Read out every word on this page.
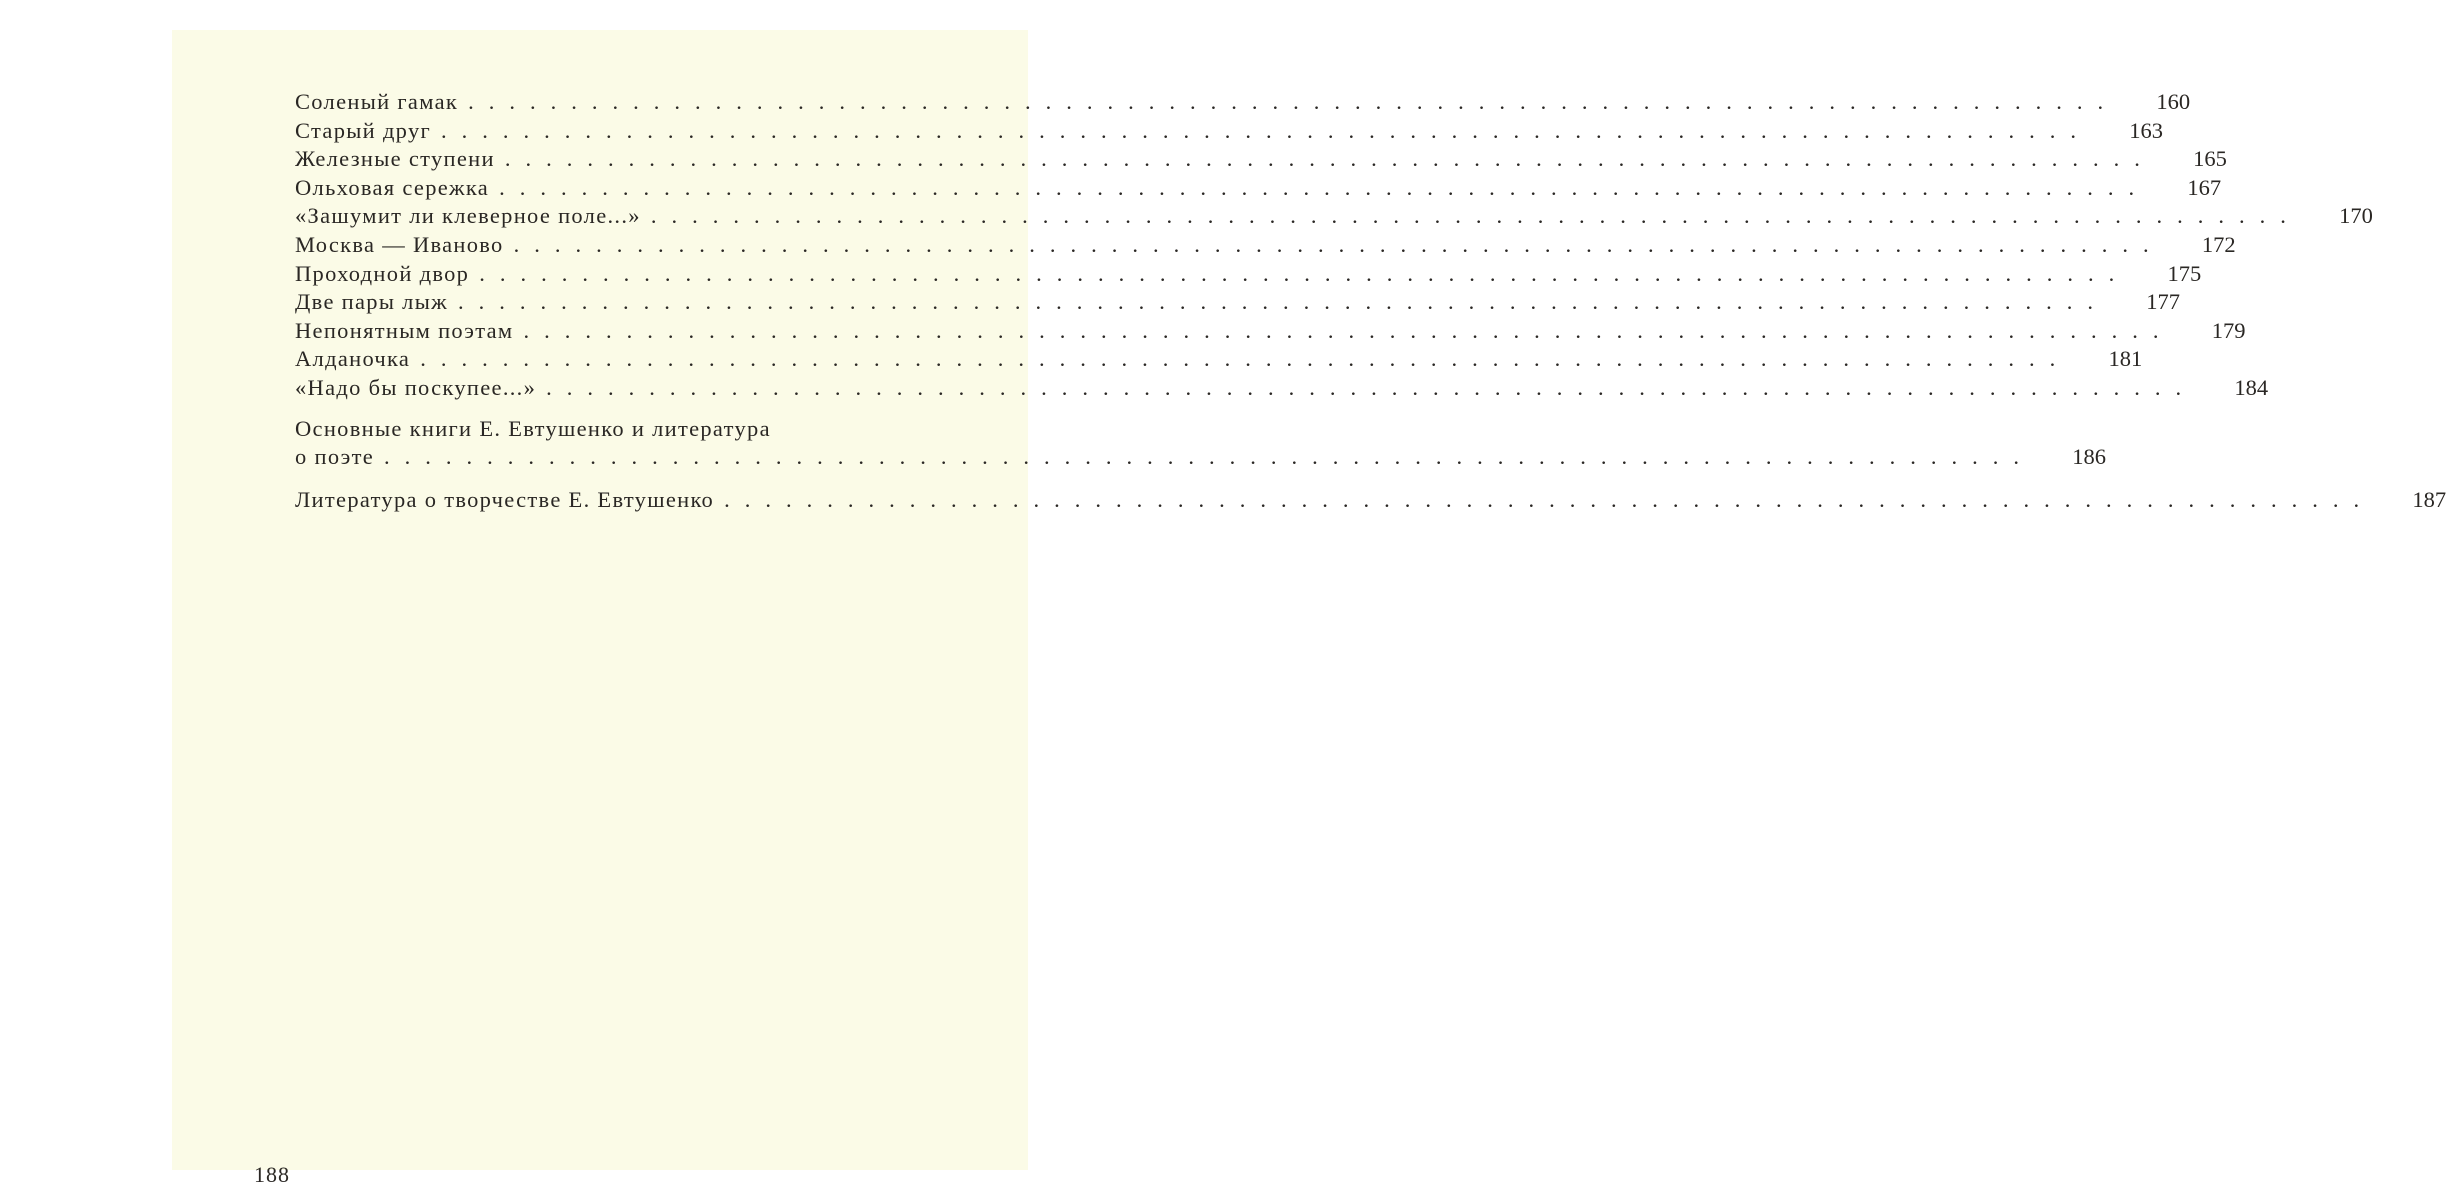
Соленый гамак ................................................................................	160
Старый друг ................................................................................	163
Железные ступени ................................................................................	165
Ольховая сережка ................................................................................	167
«Зашумит ли клеверное поле...» ................................................................................	170
Москва — Иваново ................................................................................	172
Проходной двор ................................................................................	175
Две пары лыж ................................................................................	177
Непонятным поэтам ................................................................................	179
Алданочка ................................................................................	181
«Надо бы поскупее...» ................................................................................	184
Основные книги Е. Евтушенко и литература
о поэте ................................................................................	186
Литература о творчестве Е. Евтушенко ................................................................................	187
188
